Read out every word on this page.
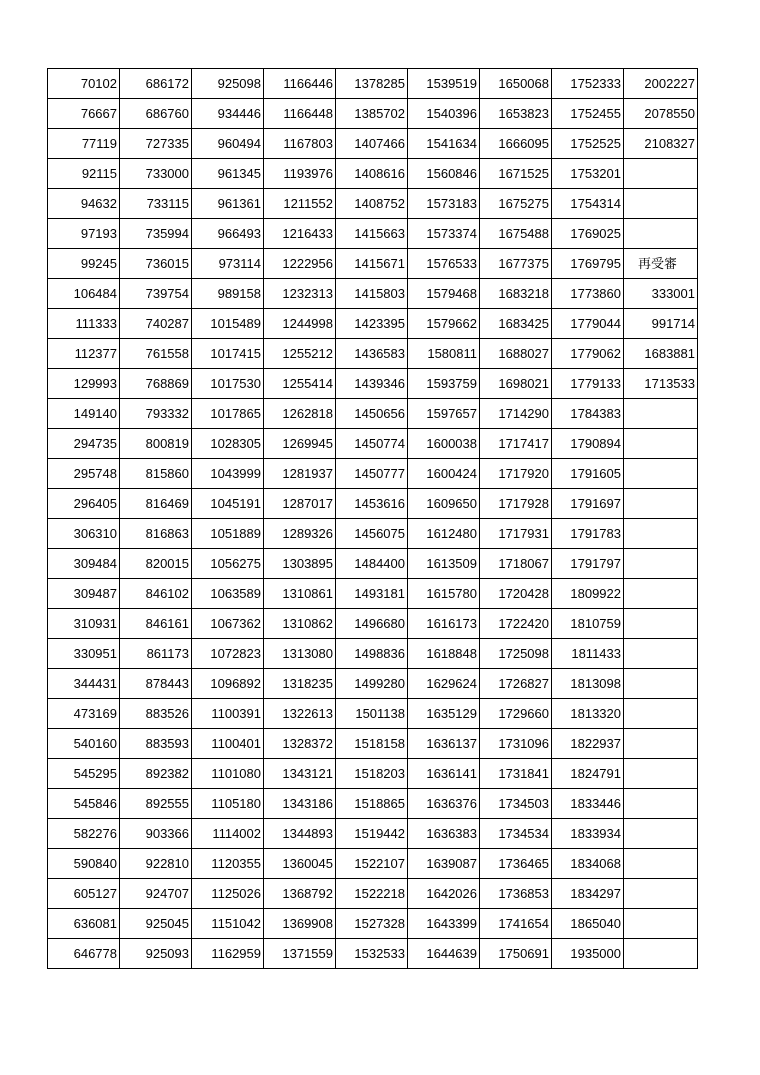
70102	686172	925098	1166446	1378285	1539519	1650068	1752333	2002227
76667	686760	934446	1166448	1385702	1540396	1653823	1752455	2078550
77119	727335	960494	1167803	1407466	1541634	1666095	1752525	2108327
92115	733000	961345	1193976	1408616	1560846	1671525	1753201	
94632	733115	961361	1211552	1408752	1573183	1675275	1754314	
97193	735994	966493	1216433	1415663	1573374	1675488	1769025	
99245	736015	973114	1222956	1415671	1576533	1677375	1769795	再受審
106484	739754	989158	1232313	1415803	1579468	1683218	1773860	333001
111333	740287	1015489	1244998	1423395	1579662	1683425	1779044	991714
112377	761558	1017415	1255212	1436583	1580811	1688027	1779062	1683881
129993	768869	1017530	1255414	1439346	1593759	1698021	1779133	1713533
149140	793332	1017865	1262818	1450656	1597657	1714290	1784383	
294735	800819	1028305	1269945	1450774	1600038	1717417	1790894	
295748	815860	1043999	1281937	1450777	1600424	1717920	1791605	
296405	816469	1045191	1287017	1453616	1609650	1717928	1791697	
306310	816863	1051889	1289326	1456075	1612480	1717931	1791783	
309484	820015	1056275	1303895	1484400	1613509	1718067	1791797	
309487	846102	1063589	1310861	1493181	1615780	1720428	1809922	
310931	846161	1067362	1310862	1496680	1616173	1722420	1810759	
330951	861173	1072823	1313080	1498836	1618848	1725098	1811433	
344431	878443	1096892	1318235	1499280	1629624	1726827	1813098	
473169	883526	1100391	1322613	1501138	1635129	1729660	1813320	
540160	883593	1100401	1328372	1518158	1636137	1731096	1822937	
545295	892382	1101080	1343121	1518203	1636141	1731841	1824791	
545846	892555	1105180	1343186	1518865	1636376	1734503	1833446	
582276	903366	1114002	1344893	1519442	1636383	1734534	1833934	
590840	922810	1120355	1360045	1522107	1639087	1736465	1834068	
605127	924707	1125026	1368792	1522218	1642026	1736853	1834297	
636081	925045	1151042	1369908	1527328	1643399	1741654	1865040	
646778	925093	1162959	1371559	1532533	1644639	1750691	1935000	
